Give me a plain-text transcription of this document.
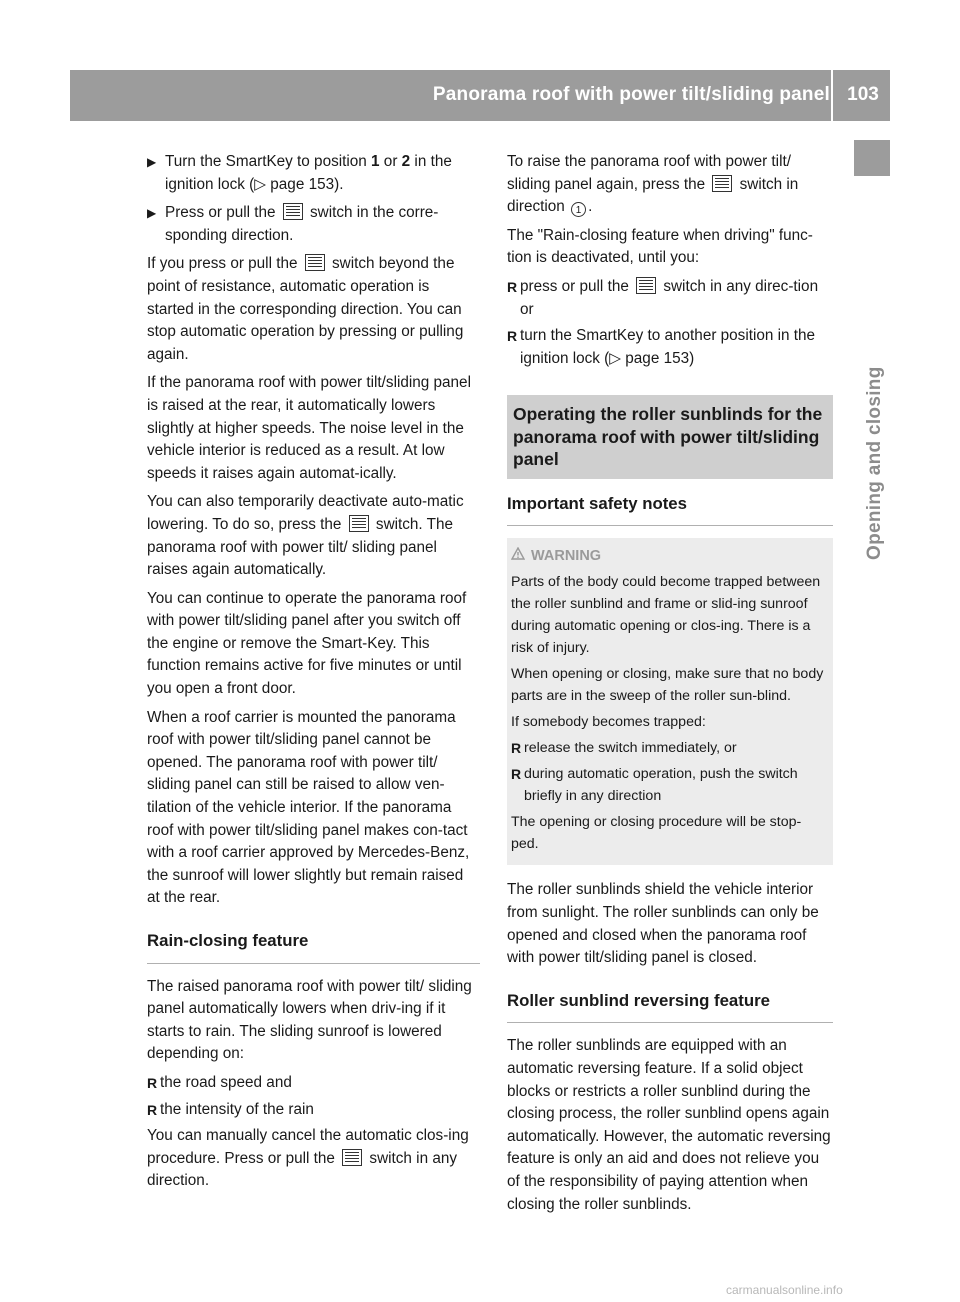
Panorama roof with power tilt/sliding panel 103
Opening and closing
▶ Turn the SmartKey to position 1 or 2 in the ignition lock (▷ page 153).
▶ Press or pull the  switch in the corre-sponding direction.

If you press or pull the  switch beyond the point of resistance, automatic operation is started in the corresponding direction. You can stop automatic operation by pressing or pulling again.

If the panorama roof with power tilt/sliding panel is raised at the rear, it automatically lowers slightly at higher speeds. The noise level in the vehicle interior is reduced as a result. At low speeds it raises again automat-ically.

You can also temporarily deactivate auto-matic lowering. To do so, press the  switch. The panorama roof with power tilt/ sliding panel raises again automatically.

You can continue to operate the panorama roof with power tilt/sliding panel after you switch off the engine or remove the Smart-Key. This function remains active for five minutes or until you open a front door.

When a roof carrier is mounted the panorama roof with power tilt/sliding panel cannot be opened. The panorama roof with power tilt/ sliding panel can still be raised to allow ven-tilation of the vehicle interior. If the panorama roof with power tilt/sliding panel makes con-tact with a roof carrier approved by Mercedes-Benz, the sunroof will lower slightly but remain raised at the rear.

Rain-closing feature

The raised panorama roof with power tilt/ sliding panel automatically lowers when driv-ing if it starts to rain. The sliding sunroof is lowered depending on:

R the road speed and
R the intensity of the rain

You can manually cancel the automatic clos-ing procedure. Press or pull the  switch in any direction.

To raise the panorama roof with power tilt/ sliding panel again, press the  switch in direction 1 .

The "Rain-closing feature when driving" func-tion is deactivated, until you:

R press or pull the  switch in any direc-tion or
R turn the SmartKey to another position in the ignition lock (▷ page 153)
Operating the roller sunblinds for the panorama roof with power tilt/sliding panel
Important safety notes
WARNING

Parts of the body could become trapped between the roller sunblind and frame or slid-ing sunroof during automatic opening or clos-ing. There is a risk of injury.

When opening or closing, make sure that no body parts are in the sweep of the roller sun-blind.

If somebody becomes trapped:

R release the switch immediately, or
R during automatic operation, push the switch briefly in any direction

The opening or closing procedure will be stop-ped.

The roller sunblinds shield the vehicle interior from sunlight. The roller sunblinds can only be opened and closed when the panorama roof with power tilt/sliding panel is closed.

Roller sunblind reversing feature

The roller sunblinds are equipped with an automatic reversing feature. If a solid object blocks or restricts a roller sunblind during the closing process, the roller sunblind opens again automatically. However, the automatic reversing feature is only an aid and does not relieve you of the responsibility of paying attention when closing the roller sunblinds.

carmanualsonline.info
